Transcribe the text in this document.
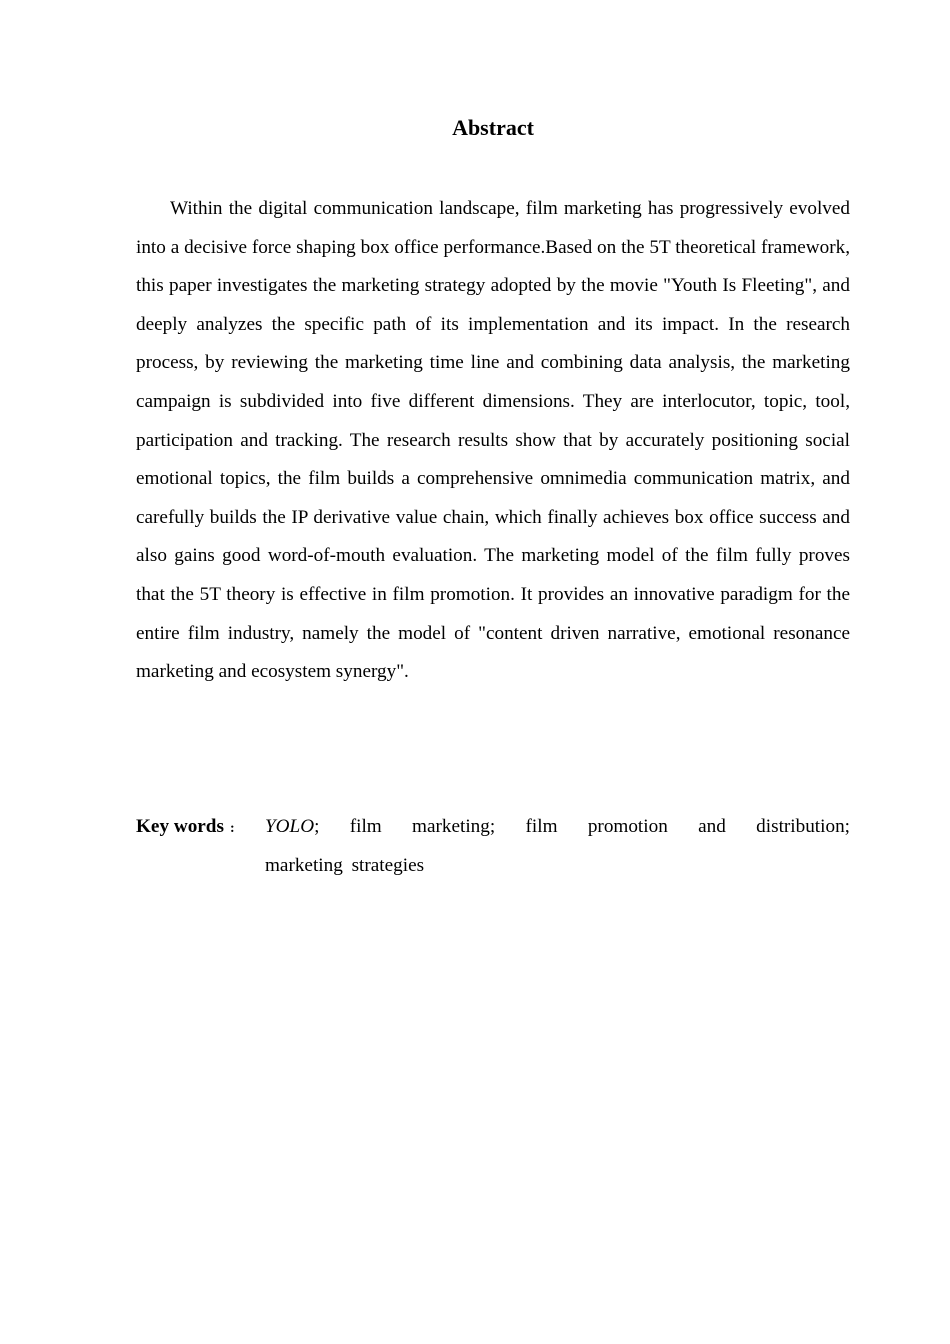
Abstract

Within the digital communication landscape, film marketing has progressively evolved into a decisive force shaping box office performance.Based on the 5T theoretical framework, this paper investigates the marketing strategy adopted by the movie "Youth Is Fleeting", and deeply analyzes the specific path of its implementation and its impact. In the research process, by reviewing the marketing time line and combining data analysis, the marketing campaign is subdivided into five different dimensions. They are interlocutor, topic, tool, participation and tracking. The research results show that by accurately positioning social emotional topics, the film builds a comprehensive omnimedia communication matrix, and carefully builds the IP derivative value chain, which finally achieves box office success and also gains good word-of-mouth evaluation. The marketing model of the film fully proves that the 5T theory is effective in film promotion. It provides an innovative paradigm for the entire film industry, namely the model of "content driven narrative, emotional resonance marketing and ecosystem synergy".

Key words : YOLO; film marketing; film promotion and distribution;
marketing strategies
